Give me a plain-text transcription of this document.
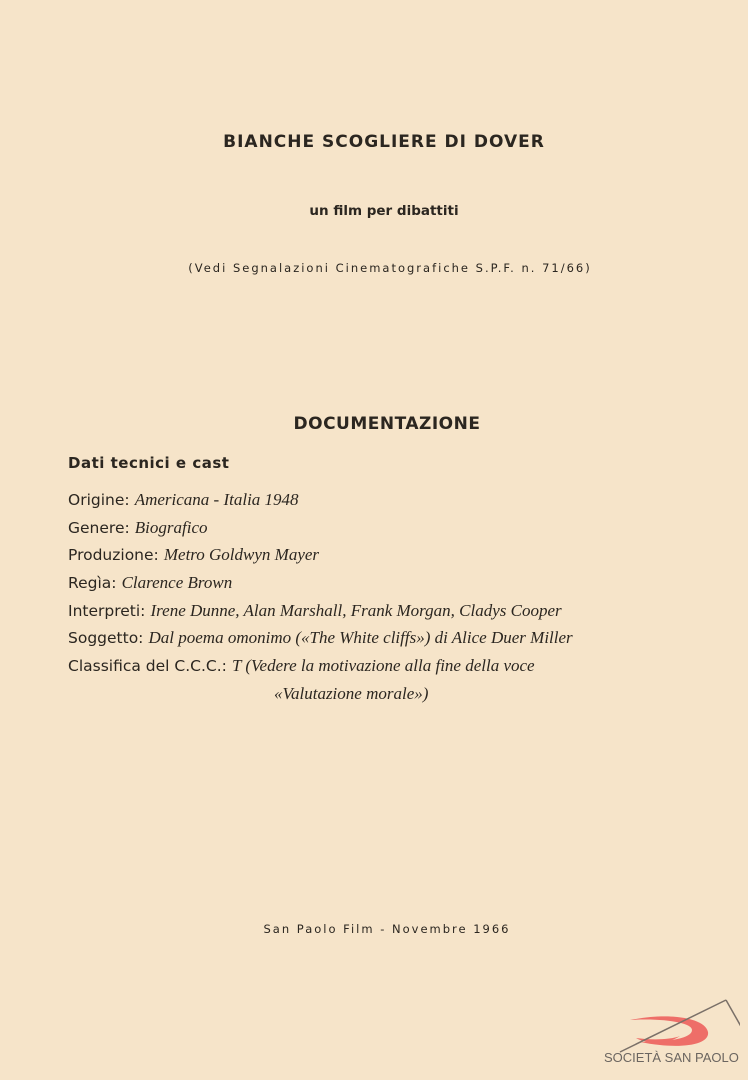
BIANCHE SCOGLIERE DI DOVER
un film per dibattiti
(Vedi Segnalazioni Cinematografiche S.P.F. n. 71/66)
DOCUMENTAZIONE
Dati tecnici e cast
Origine: Americana - Italia 1948
Genere: Biografico
Produzione: Metro Goldwyn Mayer
Regìa: Clarence Brown
Interpreti: Irene Dunne, Alan Marshall, Frank Morgan, Cladys Cooper
Soggetto: Dal poema omonimo («The White cliffs») di Alice Duer Miller
Classifica del C.C.C.: T (Vedere la motivazione alla fine della voce
«Valutazione morale»)
San Paolo Film - Novembre 1966
SOCIETÀ SAN PAOLO
